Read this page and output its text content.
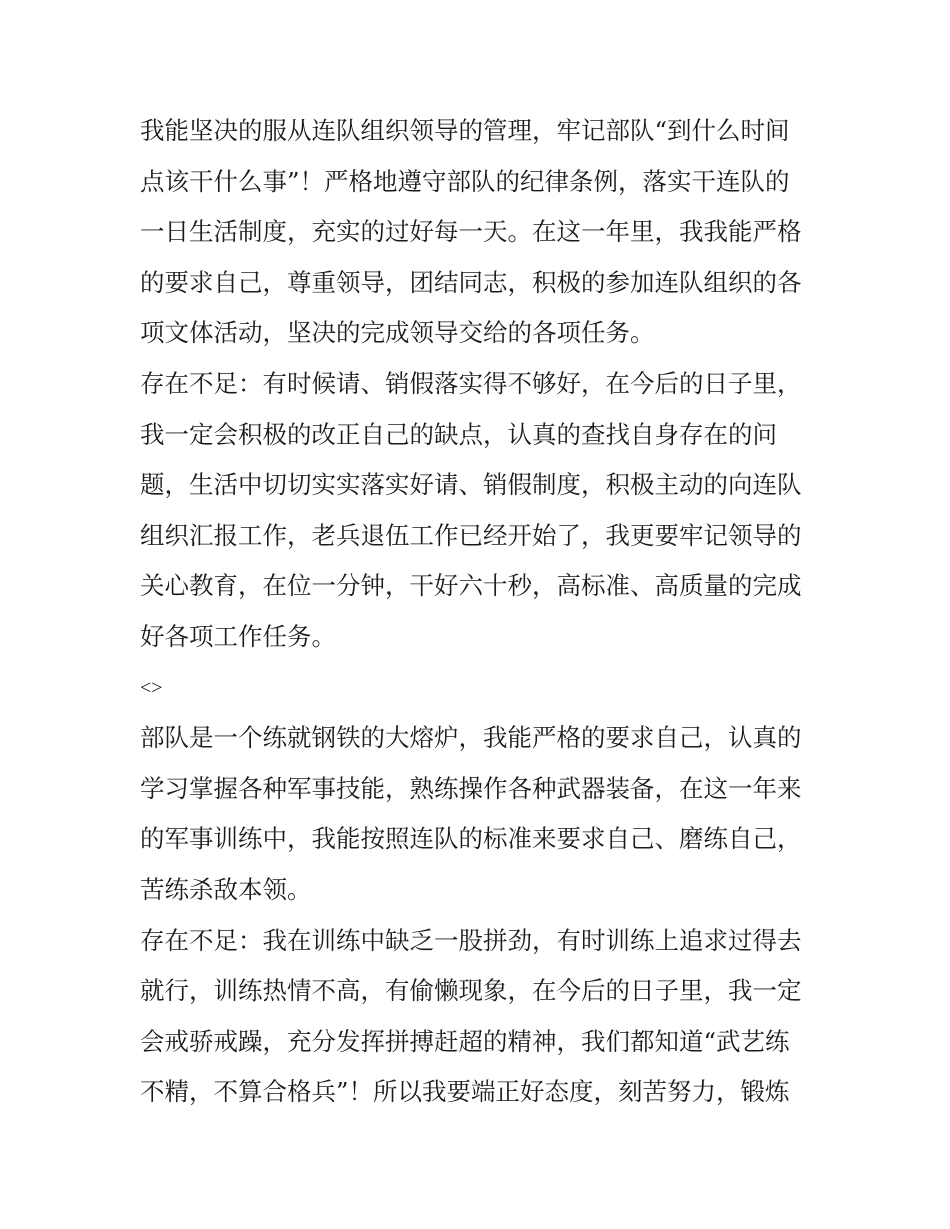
我能坚决的服从连队组织领导的管理，牢记部队“到什么时间
点该干什么事”！严格地遵守部队的纪律条例，落实干连队的
一日生活制度，充实的过好每一天。在这一年里，我我能严格
的要求自己，尊重领导，团结同志，积极的参加连队组织的各
项文体活动，坚决的完成领导交给的各项任务。
存在不足：有时候请、销假落实得不够好，在今后的日子里，
我一定会积极的改正自己的缺点，认真的查找自身存在的问
题，生活中切切实实落实好请、销假制度，积极主动的向连队
组织汇报工作，老兵退伍工作已经开始了，我更要牢记领导的
关心教育，在位一分钟，干好六十秒，高标准、高质量的完成
好各项工作任务。
<>
部队是一个练就钢铁的大熔炉，我能严格的要求自己，认真的
学习掌握各种军事技能，熟练操作各种武器装备，在这一年来
的军事训练中，我能按照连队的标准来要求自己、磨练自己，
苦练杀敌本领。
存在不足：我在训练中缺乏一股拼劲，有时训练上追求过得去
就行，训练热情不高，有偷懒现象，在今后的日子里，我一定
会戒骄戒躁，充分发挥拼搏赶超的精神，我们都知道“武艺练
不精，不算合格兵”！所以我要端正好态度，刻苦努力，锻炼
